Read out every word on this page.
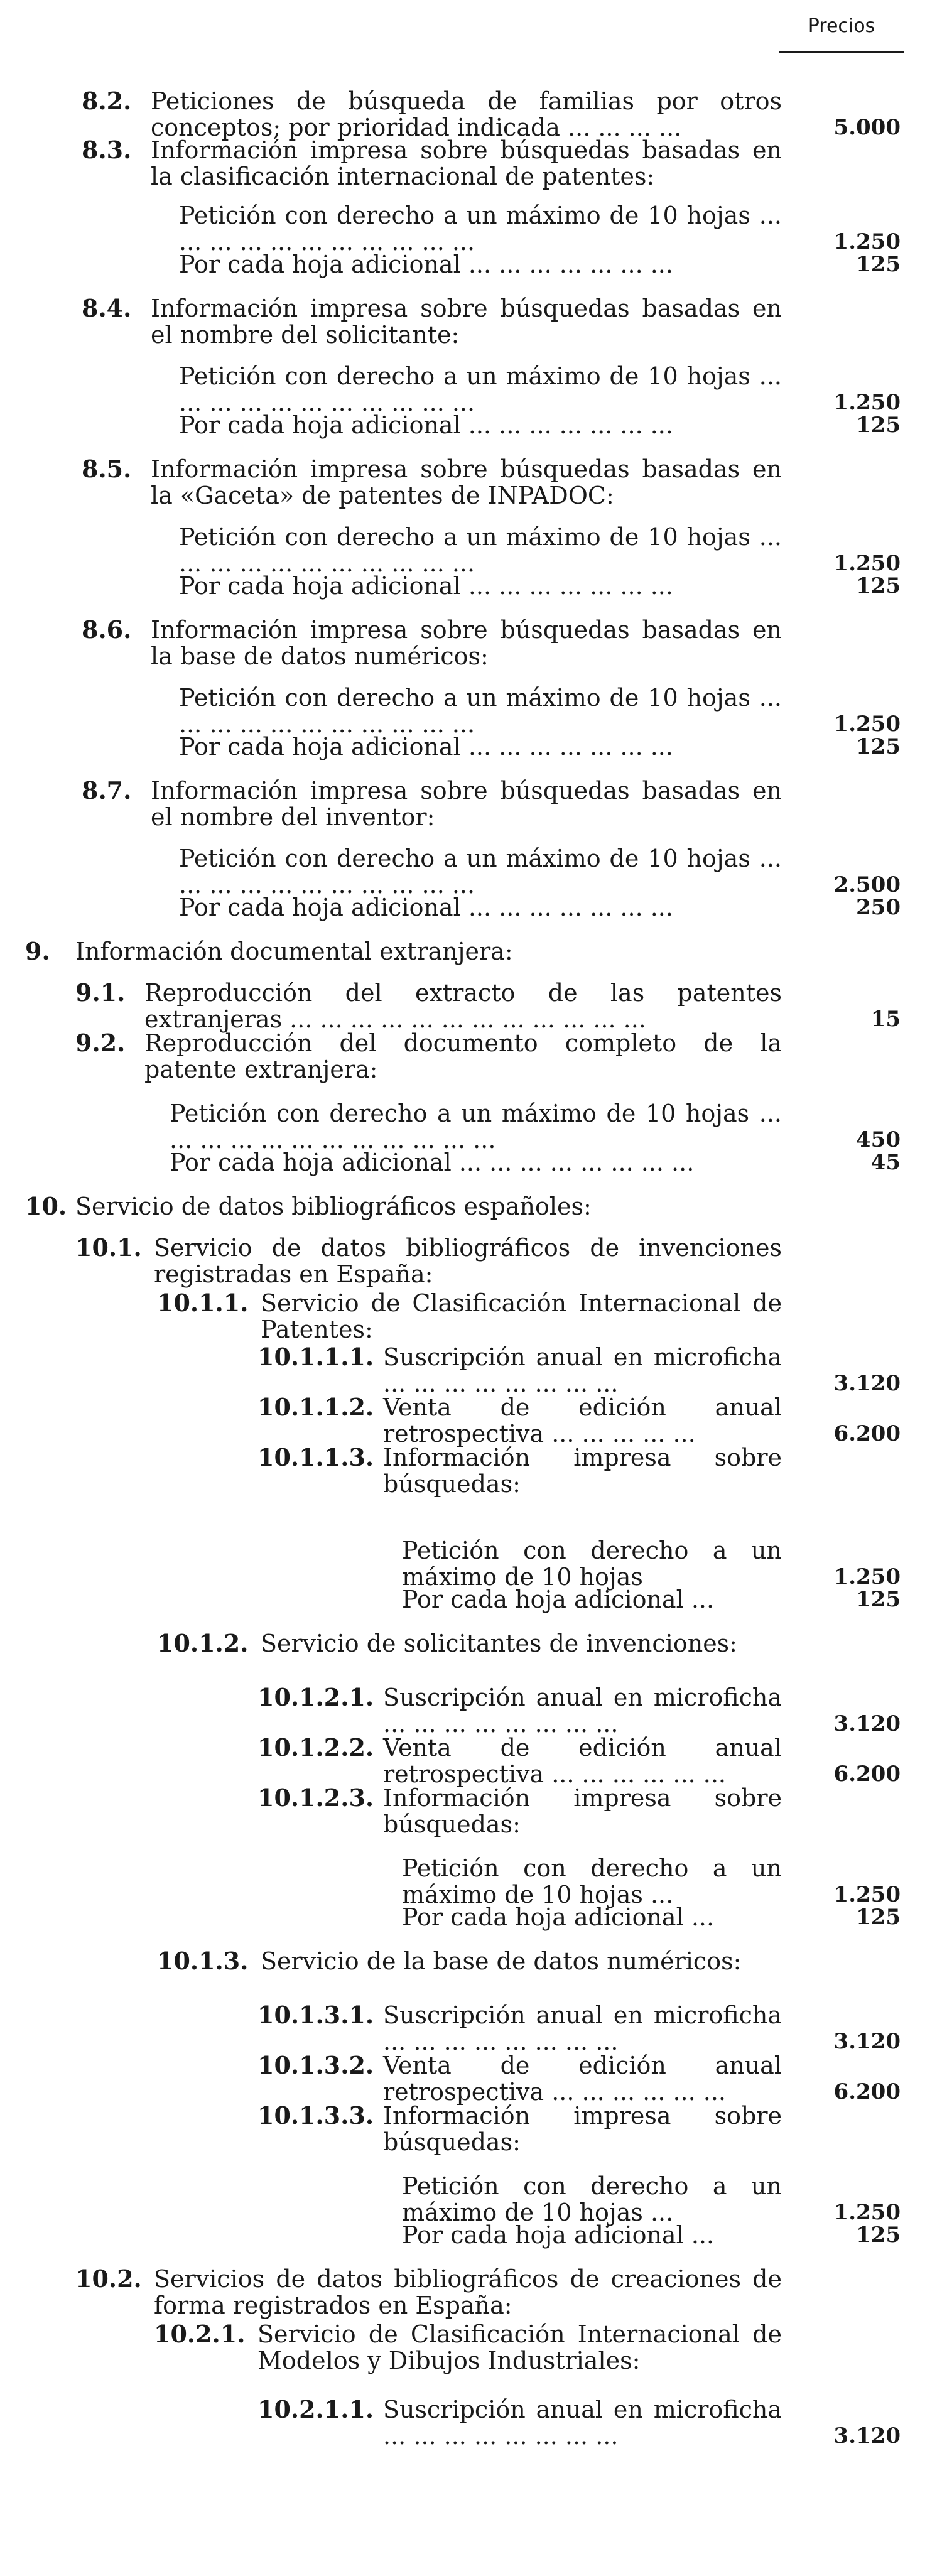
Precios
8.2. Peticiones de búsqueda de familias por otros conceptos; por prioridad indicada ... ... ... ...	5.000
8.3. Información impresa sobre búsquedas basadas en la clasificación internacional de patentes:
Petición con derecho a un máximo de 10 hojas ... ... ... ... ... ... ... ... ... ... ...	1.250
Por cada hoja adicional ... ... ... ... ... ... ...	125
8.4. Información impresa sobre búsquedas basadas en el nombre del solicitante:
Petición con derecho a un máximo de 10 hojas ... ... ... ... ... ... ... ... ... ... ...	1.250
Por cada hoja adicional ... ... ... ... ... ... ...	125
8.5. Información impresa sobre búsquedas basadas en la «Gaceta» de patentes de INPADOC:
Petición con derecho a un máximo de 10 hojas ... ... ... ... ... ... ... ... ... ... ...	1.250
Por cada hoja adicional ... ... ... ... ... ... ...	125
8.6. Información impresa sobre búsquedas basadas en la base de datos numéricos:
Petición con derecho a un máximo de 10 hojas ... ... ... ... ... ... ... ... ... ... ...	1.250
Por cada hoja adicional ... ... ... ... ... ... ...	125
8.7. Información impresa sobre búsquedas basadas en el nombre del inventor:
Petición con derecho a un máximo de 10 hojas ... ... ... ... ... ... ... ... ... ... ...	2.500
Por cada hoja adicional ... ... ... ... ... ... ...	250
9. Información documental extranjera:
9.1. Reproducción del extracto de las patentes extranjeras ... ... ... ... ... ... ... ... ... ... ... ...	15
9.2. Reproducción del documento completo de la patente extranjera:
Petición con derecho a un máximo de 10 hojas ... ... ... ... ... ... ... ... ... ... ... ...	450
Por cada hoja adicional ... ... ... ... ... ... ... ...	45
10. Servicio de datos bibliográficos españoles:
10.1. Servicio de datos bibliográficos de invenciones registradas en España:
10.1.1. Servicio de Clasificación Internacional de Patentes:
10.1.1.1. Suscripción anual en microficha ... ... ... ... ... ... ... ...	3.120
10.1.1.2. Venta de edición anual retrospectiva ... ... ... ... ...	6.200
10.1.1.3. Información impresa sobre búsquedas:
Petición con derecho a un máximo de 10 hojas	1.250
Por cada hoja adicional ...	125
10.1.2. Servicio de solicitantes de invenciones:
10.1.2.1. Suscripción anual en microficha ... ... ... ... ... ... ... ...	3.120
10.1.2.2. Venta de edición anual retrospectiva ... ... ... ... ... ...	6.200
10.1.2.3. Información impresa sobre búsquedas:
Petición con derecho a un máximo de 10 hojas ...	1.250
Por cada hoja adicional ...	125
10.1.3. Servicio de la base de datos numéricos:
10.1.3.1. Suscripción anual en microficha ... ... ... ... ... ... ... ...	3.120
10.1.3.2. Venta de edición anual retrospectiva ... ... ... ... ... ...	6.200
10.1.3.3. Información impresa sobre búsquedas:
Petición con derecho a un máximo de 10 hojas ...	1.250
Por cada hoja adicional ...	125
10.2. Servicios de datos bibliográficos de creaciones de forma registrados en España:
10.2.1. Servicio de Clasificación Internacional de Modelos y Dibujos Industriales:
10.2.1.1. Suscripción anual en microficha ... ... ... ... ... ... ... ...	3.120
